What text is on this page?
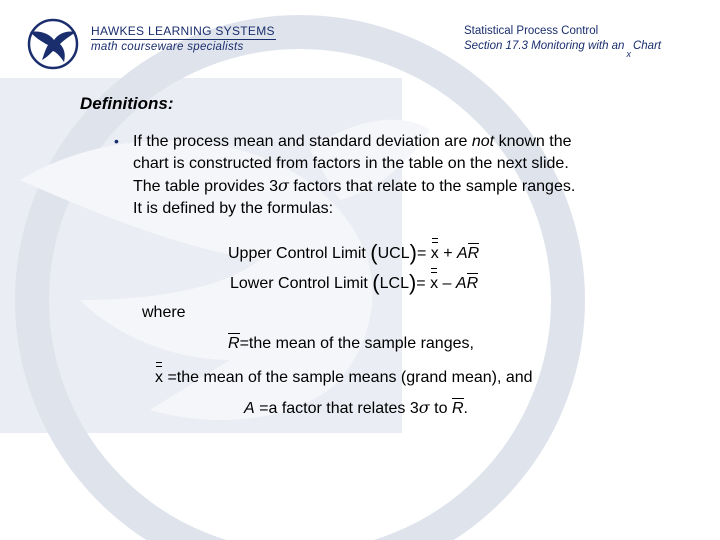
HAWKES LEARNING SYSTEMS
math courseware specialists
Statistical Process Control
Section 17.3 Monitoring with $an_xChart$
Definitions:
• If the process mean and standard deviation are not known the
chart is constructed from factors in the table on the next slide.
The table provides 3σ factors that relate to the sample ranges.
It is defined by the formulas:
Upper Control Limit (UCL)= x + AR
Lower Control Limit (LCL)= x – AR
where
R=the mean of the sample ranges,
x =the mean of the sample means (grand mean), and
A =a factor that relates 3σ to R.
